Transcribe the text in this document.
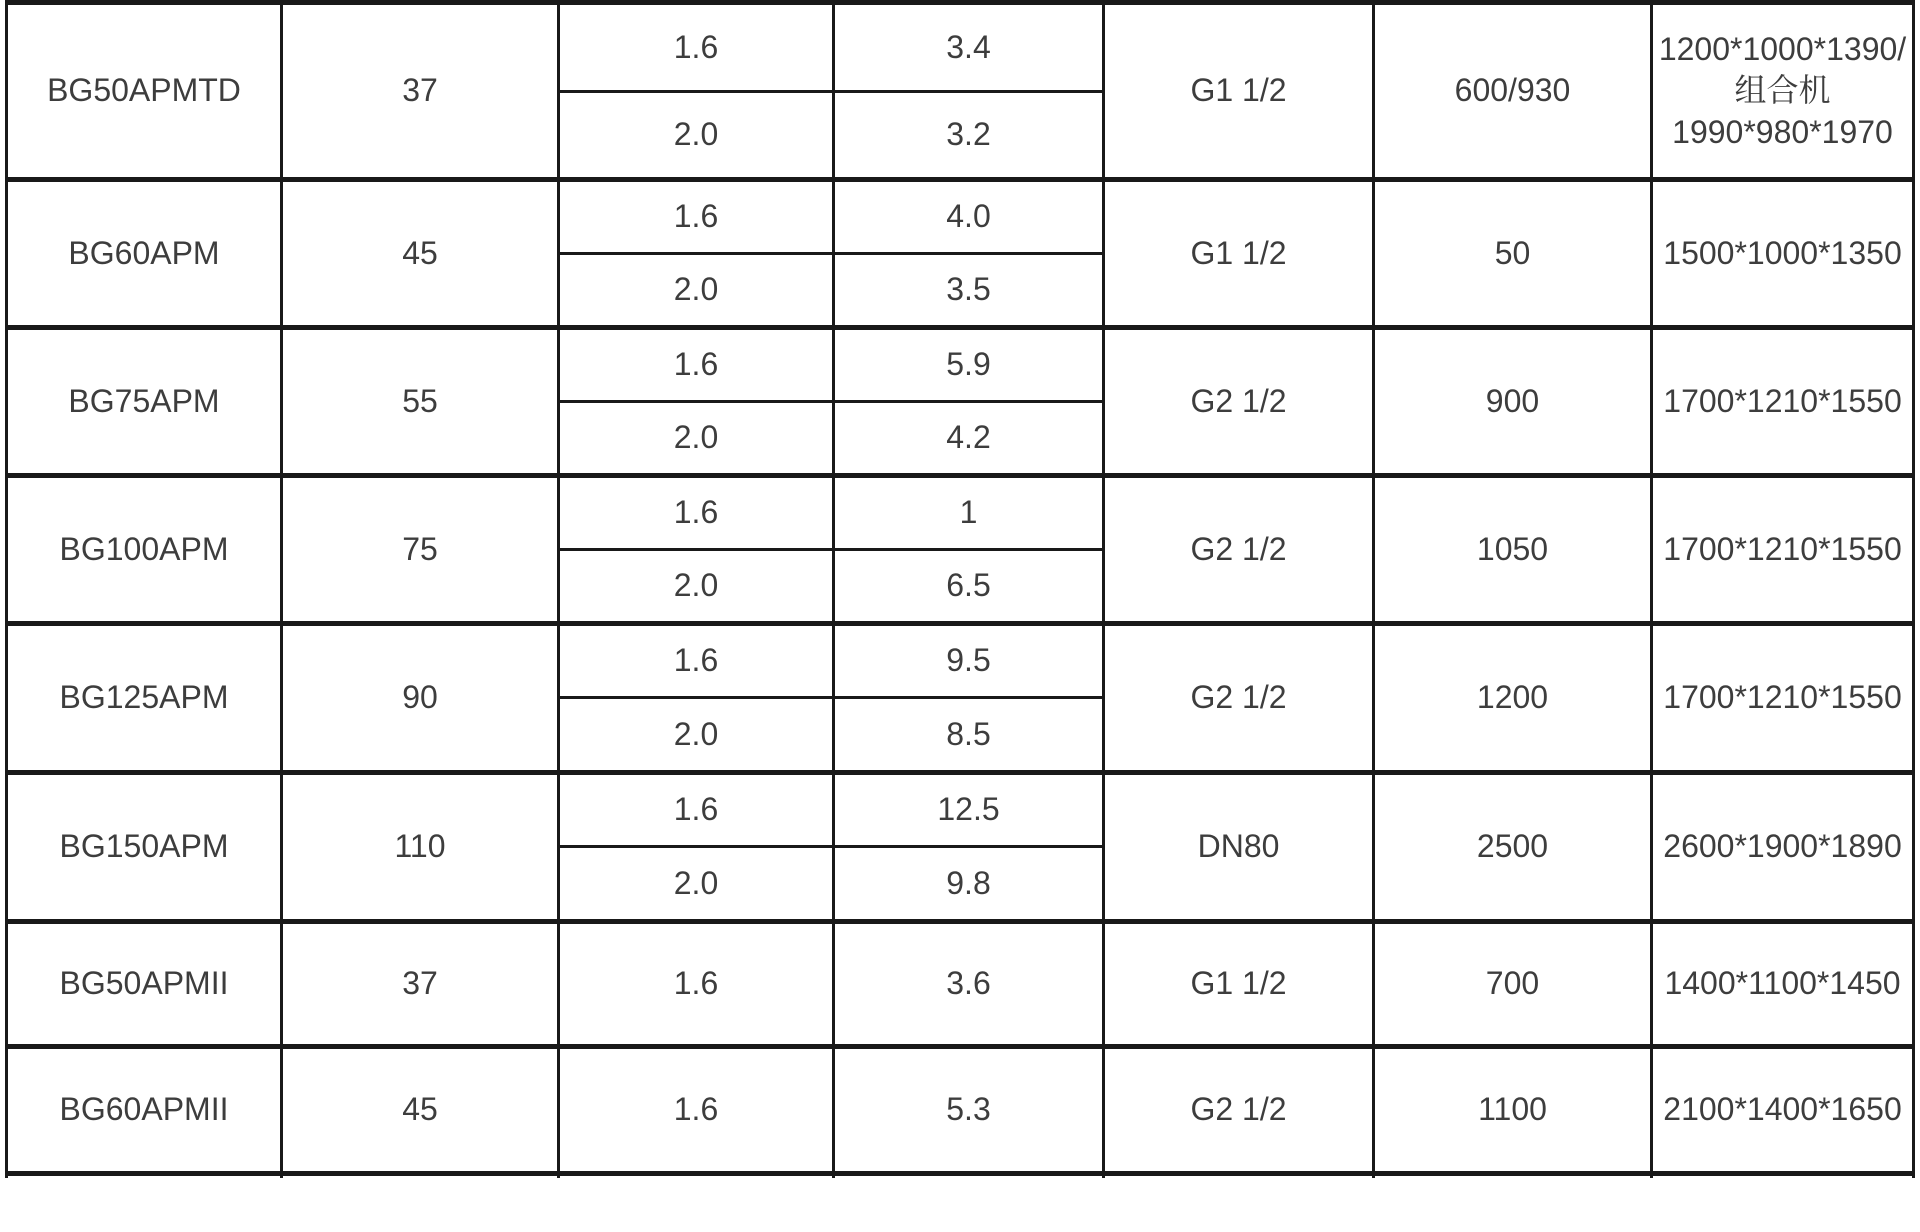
BG50APMTD	37	1.6	3.4	G1 1/2	600/930	1200*1000*1390/组合机 1990*980*1970
		2.0	3.2			
BG60APM	45	1.6	4.0	G1 1/2	50	1500*1000*1350
		2.0	3.5			
BG75APM	55	1.6	5.9	G2 1/2	900	1700*1210*1550
		2.0	4.2			
BG100APM	75	1.6	1	G2 1/2	1050	1700*1210*1550
		2.0	6.5			
BG125APM	90	1.6	9.5	G2 1/2	1200	1700*1210*1550
		2.0	8.5			
BG150APM	110	1.6	12.5	DN80	2500	2600*1900*1890
		2.0	9.8			
BG50APMII	37	1.6	3.6	G1 1/2	700	1400*1100*1450
BG60APMII	45	1.6	5.3	G2 1/2	1100	2100*1400*1650
